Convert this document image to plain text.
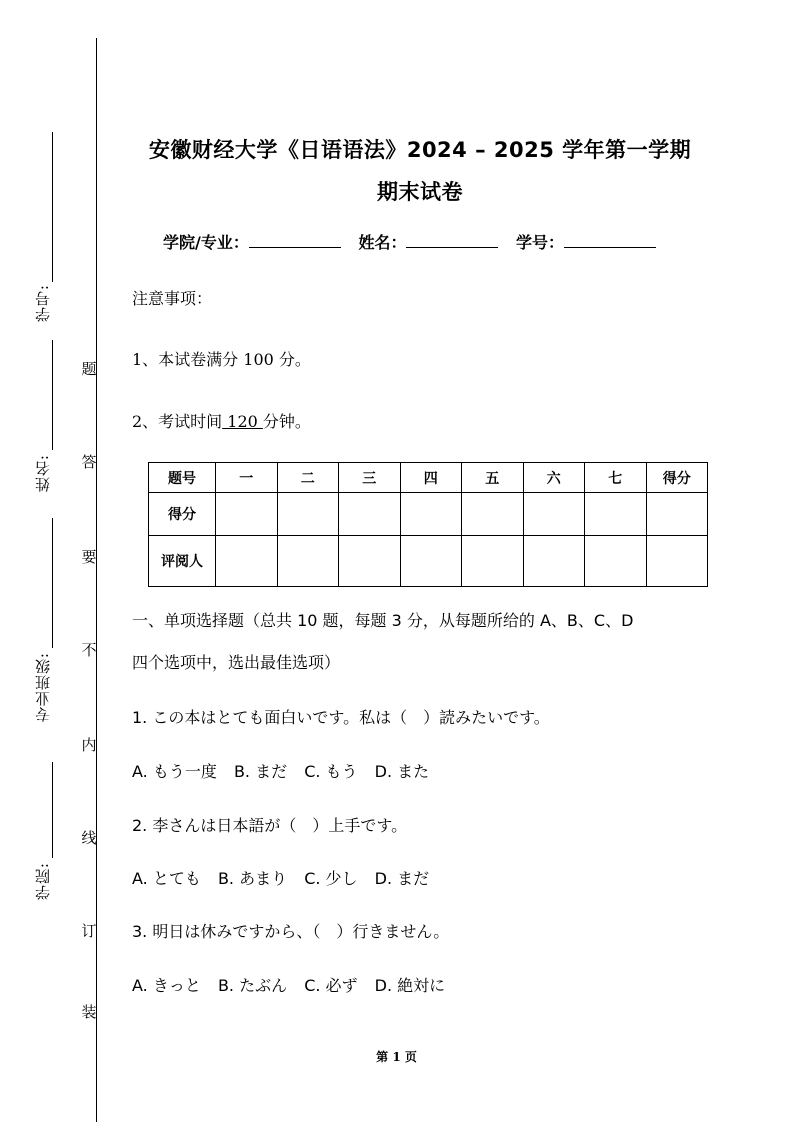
学号:
姓名:
专业班级:
学院:
题
答
要
不
内
线
订
装
安徽财经大学《日语语法》2024 – 2025 学年第一学期
期末试卷
学院/专业：	姓名：	学号：
注意事项：
1、本试卷满分 100 分。
2、考试时间 120 分钟。
题号	一	二	三	四	五	六	七	得分
得分								
评阅人								
一、单项选择题（总共 10 题，每题 3 分，从每题所给的 A、B、C、D
四个选项中，选出最佳选项）
1. この本はとても面白いです。私は（　）読みたいです。
A. もう一度 B. まだ C. もう D. また
2. 李さんは日本語が（　）上手です。
A. とても B. あまり C. 少し D. まだ
3. 明日は休みですから、（　）行きません。
A. きっと B. たぶん C. 必ず D. 絶対に
第 1 页
